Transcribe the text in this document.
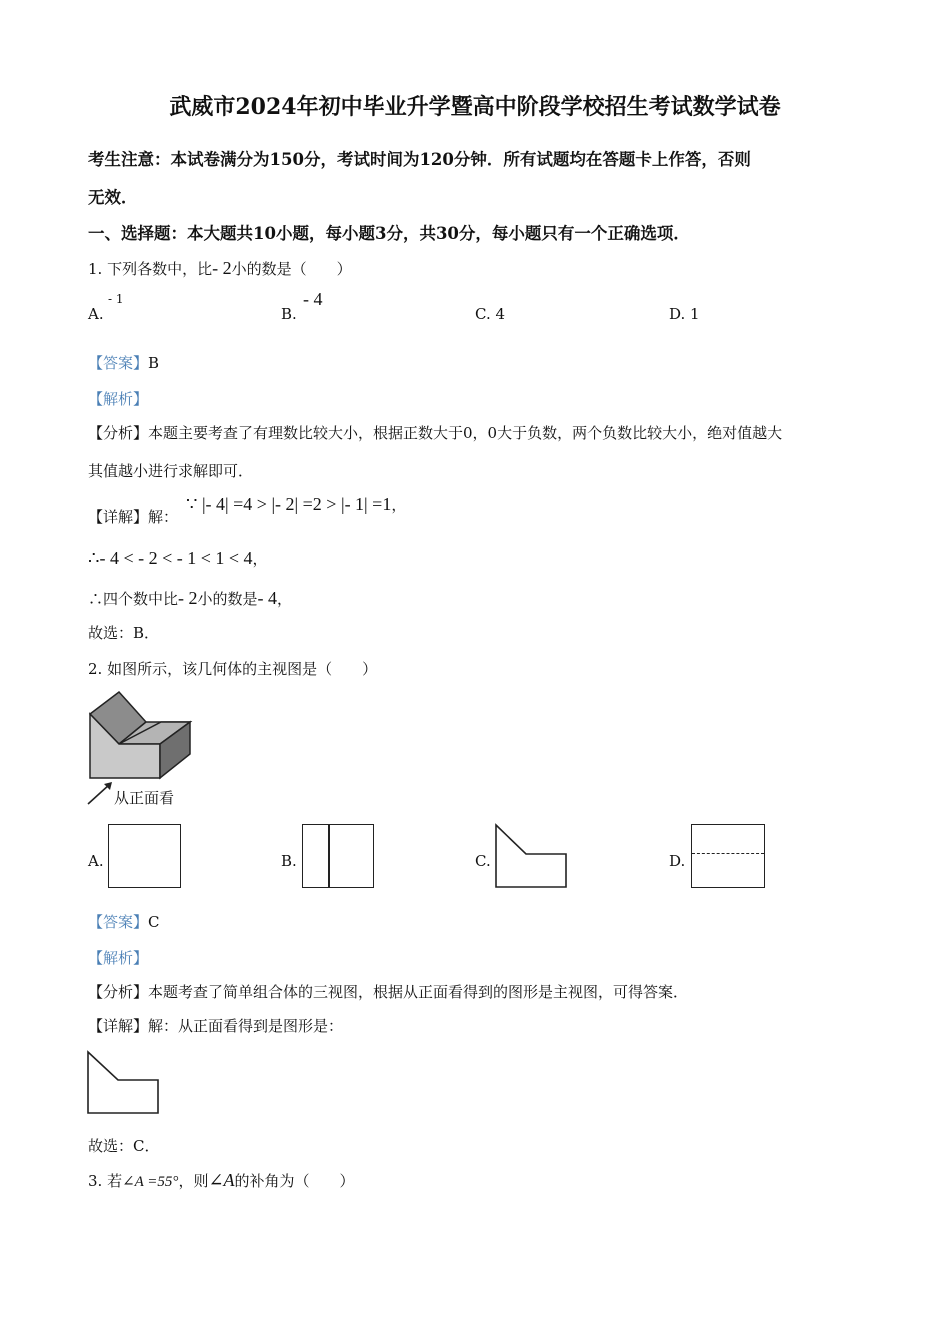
武威市2024年初中毕业升学暨高中阶段学校招生考试数学试卷
考生注意：本试卷满分为150分，考试时间为120分钟．所有试题均在答题卡上作答，否则
无效．
一、选择题：本大题共10小题，每小题3分，共30分，每小题只有一个正确选项．
1. 下列各数中，比- 2小的数是（　　）
A.
- 1
B.
- 4
C. 4	D. 1
【答案】B
【解析】
【分析】本题主要考查了有理数比较大小，根据正数大于0，0大于负数，两个负数比较大小，绝对值越大
其值越小进行求解即可．
【详解】解：
∵ |- 4| =4 > |- 2| =2 > |- 1| =1，
∴- 4 < - 2 < - 1 < 1 < 4，
∴四个数中比- 2小的数是- 4，
故选：B．
2. 如图所示，该几何体的主视图是（　　）
从正面看
A.	B.	C.	D.
【答案】C
【解析】
【分析】本题考查了简单组合体的三视图，根据从正面看得到的图形是主视图，可得答案．
【详解】解：从正面看得到是图形是：
故选：C．
3. 若∠A =55°，则∠A的补角为（　　）
